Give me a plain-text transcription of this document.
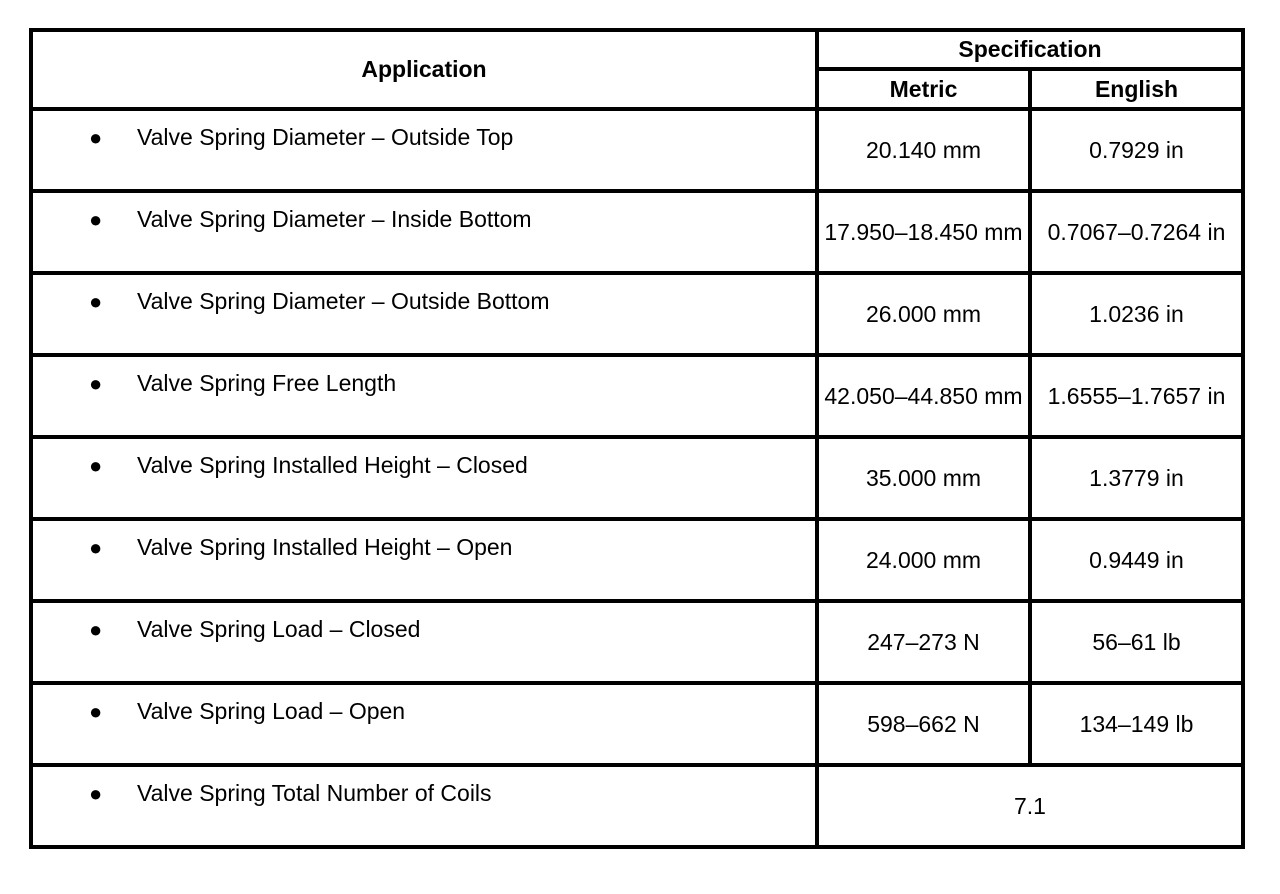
Application	Specification	
	Metric	English

● Valve Spring Diameter – Outside Top	20.140 mm	0.7929 in

● Valve Spring Diameter – Inside Bottom	17.950–18.450 mm	0.7067–0.7264 in

● Valve Spring Diameter – Outside Bottom	26.000 mm	1.0236 in

● Valve Spring Free Length	42.050–44.850 mm	1.6555–1.7657 in

● Valve Spring Installed Height – Closed	35.000 mm	1.3779 in

● Valve Spring Installed Height – Open	24.000 mm	0.9449 in

● Valve Spring Load – Closed	247–273 N	56–61 lb

● Valve Spring Load – Open	598–662 N	134–149 lb

● Valve Spring Total Number of Coils	7.1	
